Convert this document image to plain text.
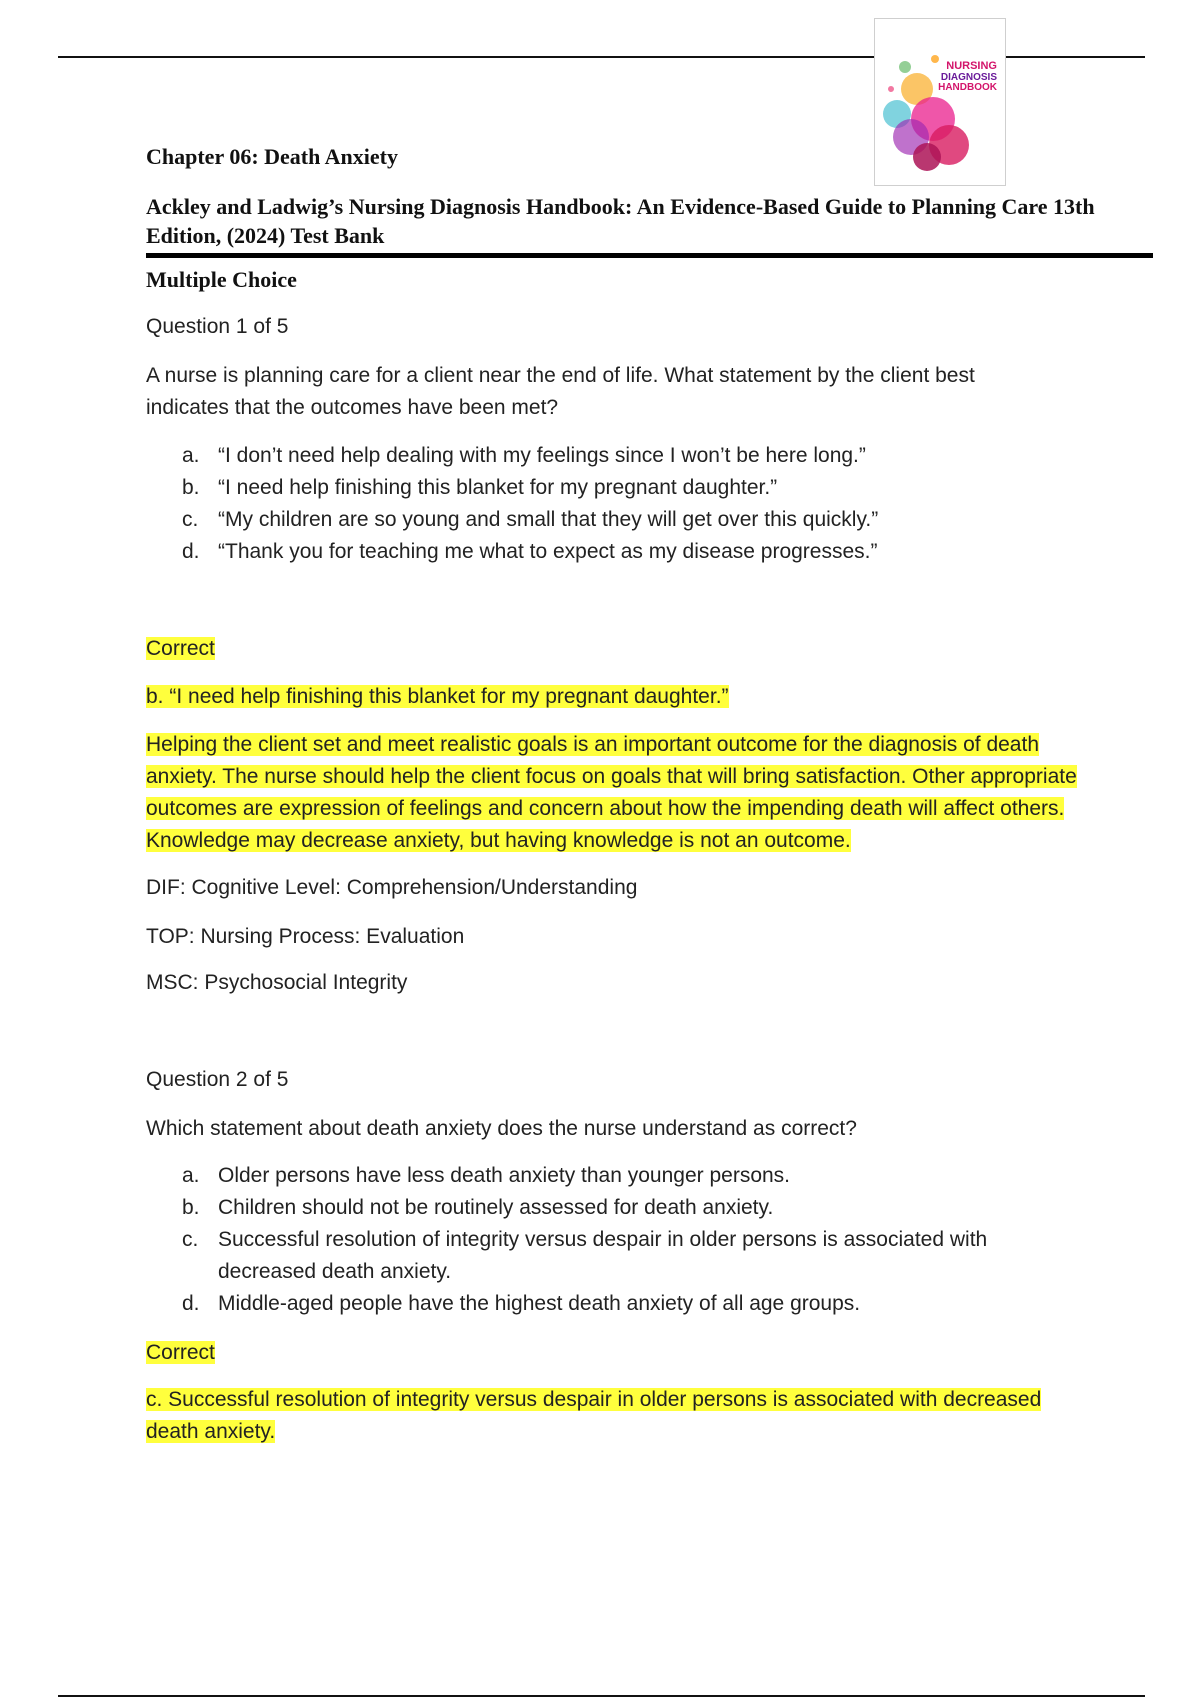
NURSING
DIAGNOSIS
HANDBOOK
Chapter 06: Death Anxiety
Ackley and Ladwig’s Nursing Diagnosis Handbook: An Evidence-Based Guide to Planning Care 13th Edition, (2024) Test Bank
Multiple Choice

Question 1 of 5

A nurse is planning care for a client near the end of life. What statement by the client best indicates that the outcomes have been met?

a. “I don’t need help dealing with my feelings since I won’t be here long.”
b. “I need help finishing this blanket for my pregnant daughter.”
c. “My children are so young and small that they will get over this quickly.”
d. “Thank you for teaching me what to expect as my disease progresses.”

Correct

b. “I need help finishing this blanket for my pregnant daughter.”

Helping the client set and meet realistic goals is an important outcome for the diagnosis of death anxiety. The nurse should help the client focus on goals that will bring satisfaction. Other appropriate outcomes are expression of feelings and concern about how the impending death will affect others. Knowledge may decrease anxiety, but having knowledge is not an outcome.

DIF: Cognitive Level: Comprehension/Understanding

TOP: Nursing Process: Evaluation

MSC: Psychosocial Integrity

Question 2 of 5

Which statement about death anxiety does the nurse understand as correct?

a. Older persons have less death anxiety than younger persons.
b. Children should not be routinely assessed for death anxiety.
c. Successful resolution of integrity versus despair in older persons is associated with decreased death anxiety.
d. Middle-aged people have the highest death anxiety of all age groups.

Correct

c. Successful resolution of integrity versus despair in older persons is associated with decreased death anxiety.
